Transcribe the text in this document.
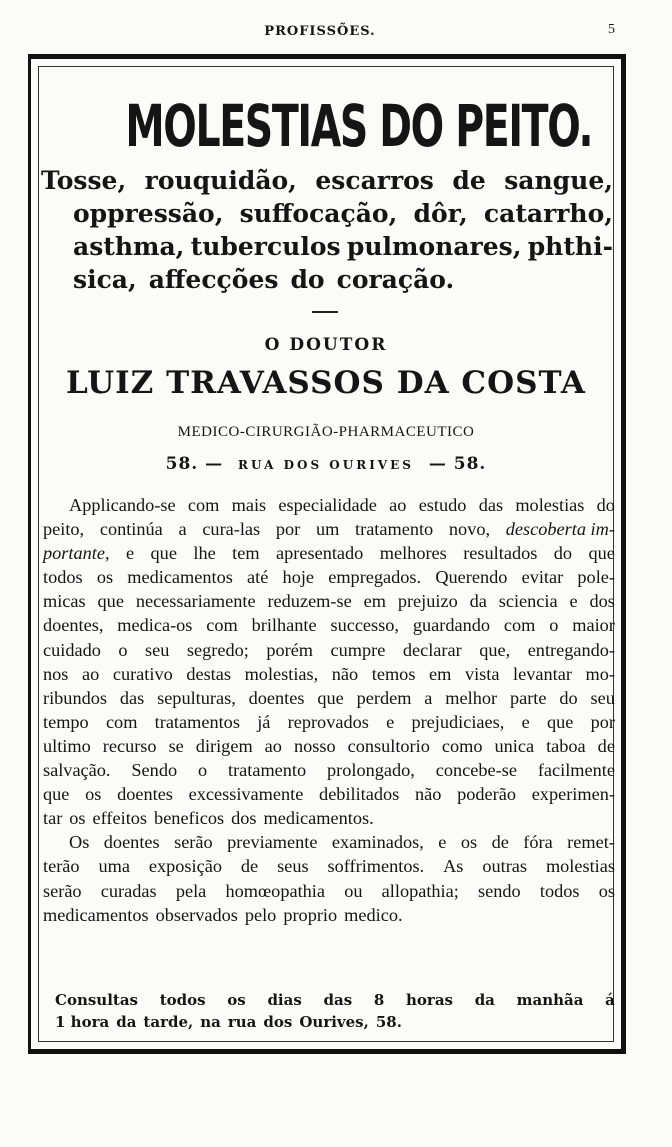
PROFISSÕES.	5
MOLESTIAS DO PEITO.
Tosse, rouquidão, escarros de sangue,
oppressão, suffocação, dôr, catarrho,
asthma, tuberculos pulmonares, phthi-
sica, affecções do coração.
O DOUTOR
LUIZ TRAVASSOS DA COSTA
MEDICO-CIRURGIÃO-PHARMACEUTICO
58. — RUA DOS OURIVES — 58.
Applicando-se com mais especialidade ao estudo das molestias do
peito, continúa a cura-las por um tratamento novo, descoberta im-
portante, e que lhe tem apresentado melhores resultados do que
todos os medicamentos até hoje empregados. Querendo evitar pole-
micas que necessariamente reduzem-se em prejuizo da sciencia e dos
doentes, medica-os com brilhante successo, guardando com o maior
cuidado o seu segredo; porém cumpre declarar que, entregando-
nos ao curativo destas molestias, não temos em vista levantar mo-
ribundos das sepulturas, doentes que perdem a melhor parte do seu
tempo com tratamentos já reprovados e prejudiciaes, e que por
ultimo recurso se dirigem ao nosso consultorio como unica taboa de
salvação. Sendo o tratamento prolongado, concebe-se facilmente
que os doentes excessivamente debilitados não poderão experimen-
tar os effeitos beneficos dos medicamentos.
Os doentes serão previamente examinados, e os de fóra remet-
terão uma exposição de seus soffrimentos. As outras molestias
serão curadas pela homœopathia ou allopathia; sendo todos os
medicamentos observados pelo proprio medico.
Consultas todos os dias das 8 horas da manhãa á
1 hora da tarde, na rua dos Ourives, 58.
